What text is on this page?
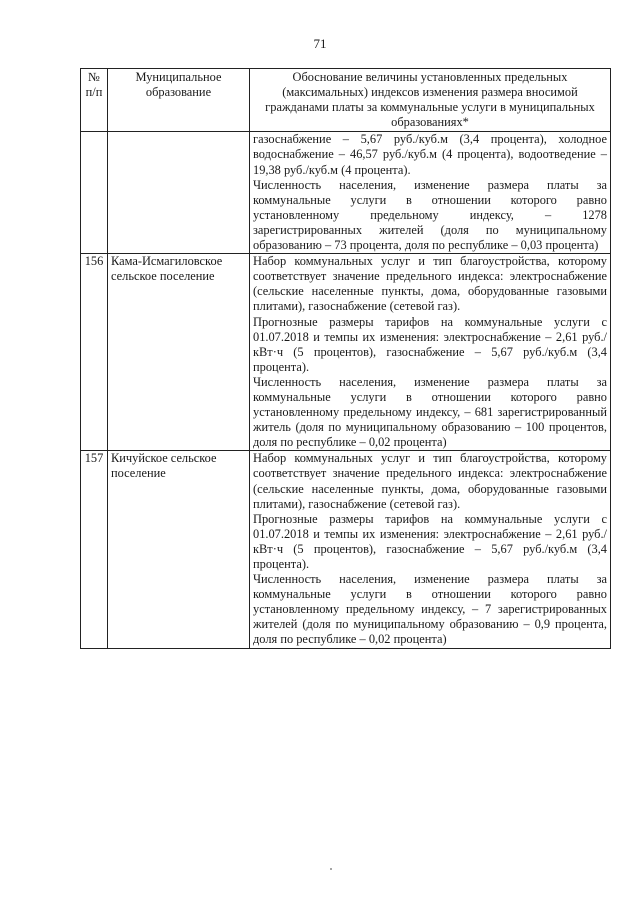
71
№ п/п	Муниципальное образование	Обоснование величины установленных предельных (максимальных) индексов изменения размера вносимой гражданами платы за коммунальные услуги в муниципальных образованиях*

		газоснабжение – 5,67 руб./куб.м (3,4 процента), холодное водоснабжение – 46,57 руб./куб.м (4 процента), водоотведение – 19,38 руб./куб.м (4 процента).

Численность населения, изменение размера платы за коммунальные услуги в отношении которого равно установленному предельному индексу, – 1278 зарегистрированных жителей (доля по муниципальному образованию – 73 процента, доля по республике – 0,03 процента)

156	Кама-Исмагиловское сельское поселение	Набор коммунальных услуг и тип благоустройства, которому соответствует значение предельного индекса: электроснабжение (сельские населенные пункты, дома, оборудованные газовыми плитами), газоснабжение (сетевой газ).

Прогнозные размеры тарифов на коммунальные услуги с 01.07.2018 и темпы их изменения: электроснабжение – 2,61 руб./кВт·ч (5 процентов), газоснабжение – 5,67 руб./куб.м (3,4 процента).

Численность населения, изменение размера платы за коммунальные услуги в отношении которого равно установленному предельному индексу, – 681 зарегистрированный житель (доля по муниципальному образованию – 100 процентов, доля по республике – 0,02 процента)

157	Кичуйское сельское поселение	Набор коммунальных услуг и тип благоустройства, которому соответствует значение предельного индекса: электроснабжение (сельские населенные пункты, дома, оборудованные газовыми плитами), газоснабжение (сетевой газ).

Прогнозные размеры тарифов на коммунальные услуги с 01.07.2018 и темпы их изменения: электроснабжение – 2,61 руб./кВт·ч (5 процентов), газоснабжение – 5,67 руб./куб.м (3,4 процента).

Численность населения, изменение размера платы за коммунальные услуги в отношении которого равно установленному предельному индексу, – 7 зарегистрированных жителей (доля по муниципальному образованию – 0,9 процента, доля по республике – 0,02 процента)
